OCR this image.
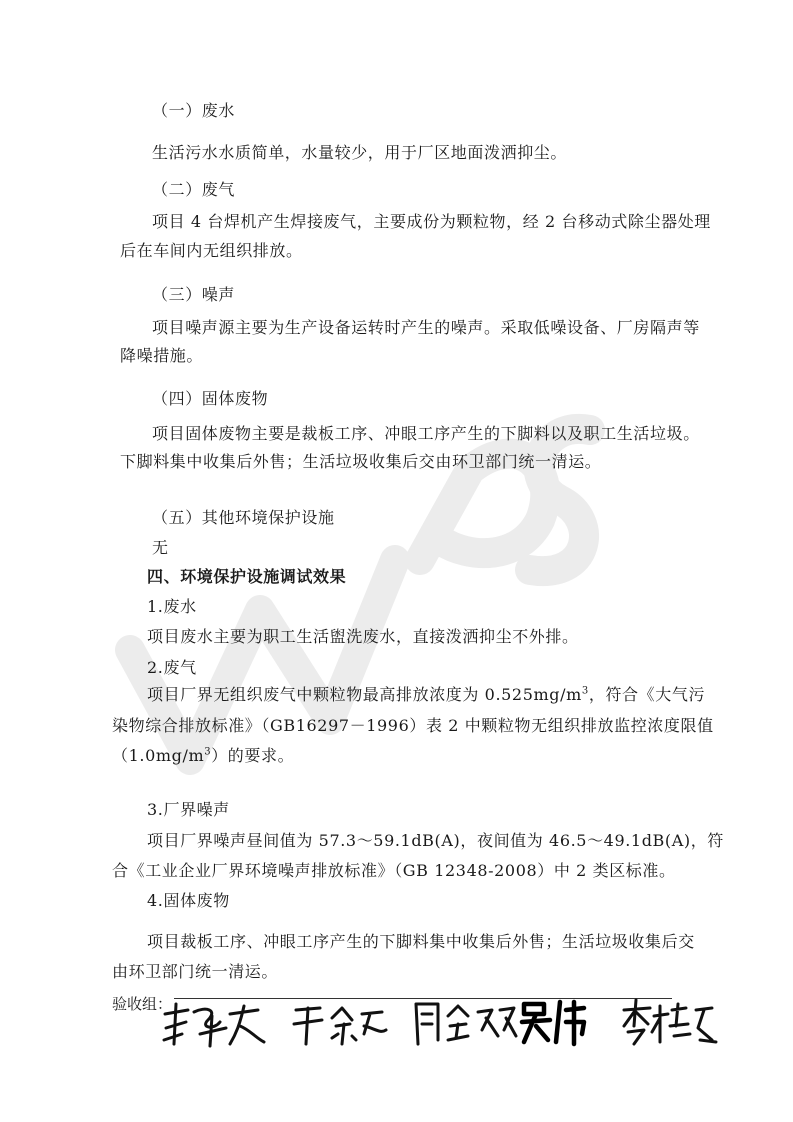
（一）废水
生活污水水质简单，水量较少，用于厂区地面泼洒抑尘。
（二）废气
项目 4 台焊机产生焊接废气，主要成份为颗粒物，经 2 台移动式除尘器处理
后在车间内无组织排放。
（三）噪声
项目噪声源主要为生产设备运转时产生的噪声。采取低噪设备、厂房隔声等
降噪措施。
（四）固体废物
项目固体废物主要是裁板工序、冲眼工序产生的下脚料以及职工生活垃圾。
下脚料集中收集后外售；生活垃圾收集后交由环卫部门统一清运。
（五）其他环境保护设施
无
四、环境保护设施调试效果
1.废水
项目废水主要为职工生活盥洗废水，直接泼洒抑尘不外排。
2.废气
项目厂界无组织废气中颗粒物最高排放浓度为 $0.525mg/m^3$，符合《大气污
染物综合排放标准》（GB16297－1996）表 2 中颗粒物无组织排放监控浓度限值
$(1.0mg/m^3)$的要求。
3.厂界噪声
项目厂界噪声昼间值为 57.3～59.1dB(A)，夜间值为 46.5～49.1dB(A)，符
合《工业企业厂界环境噪声排放标准》（GB 12348-2008）中 2 类区标准。
4.固体废物
项目裁板工序、冲眼工序产生的下脚料集中收集后外售；生活垃圾收集后交
由环卫部门统一清运。
验收组：
